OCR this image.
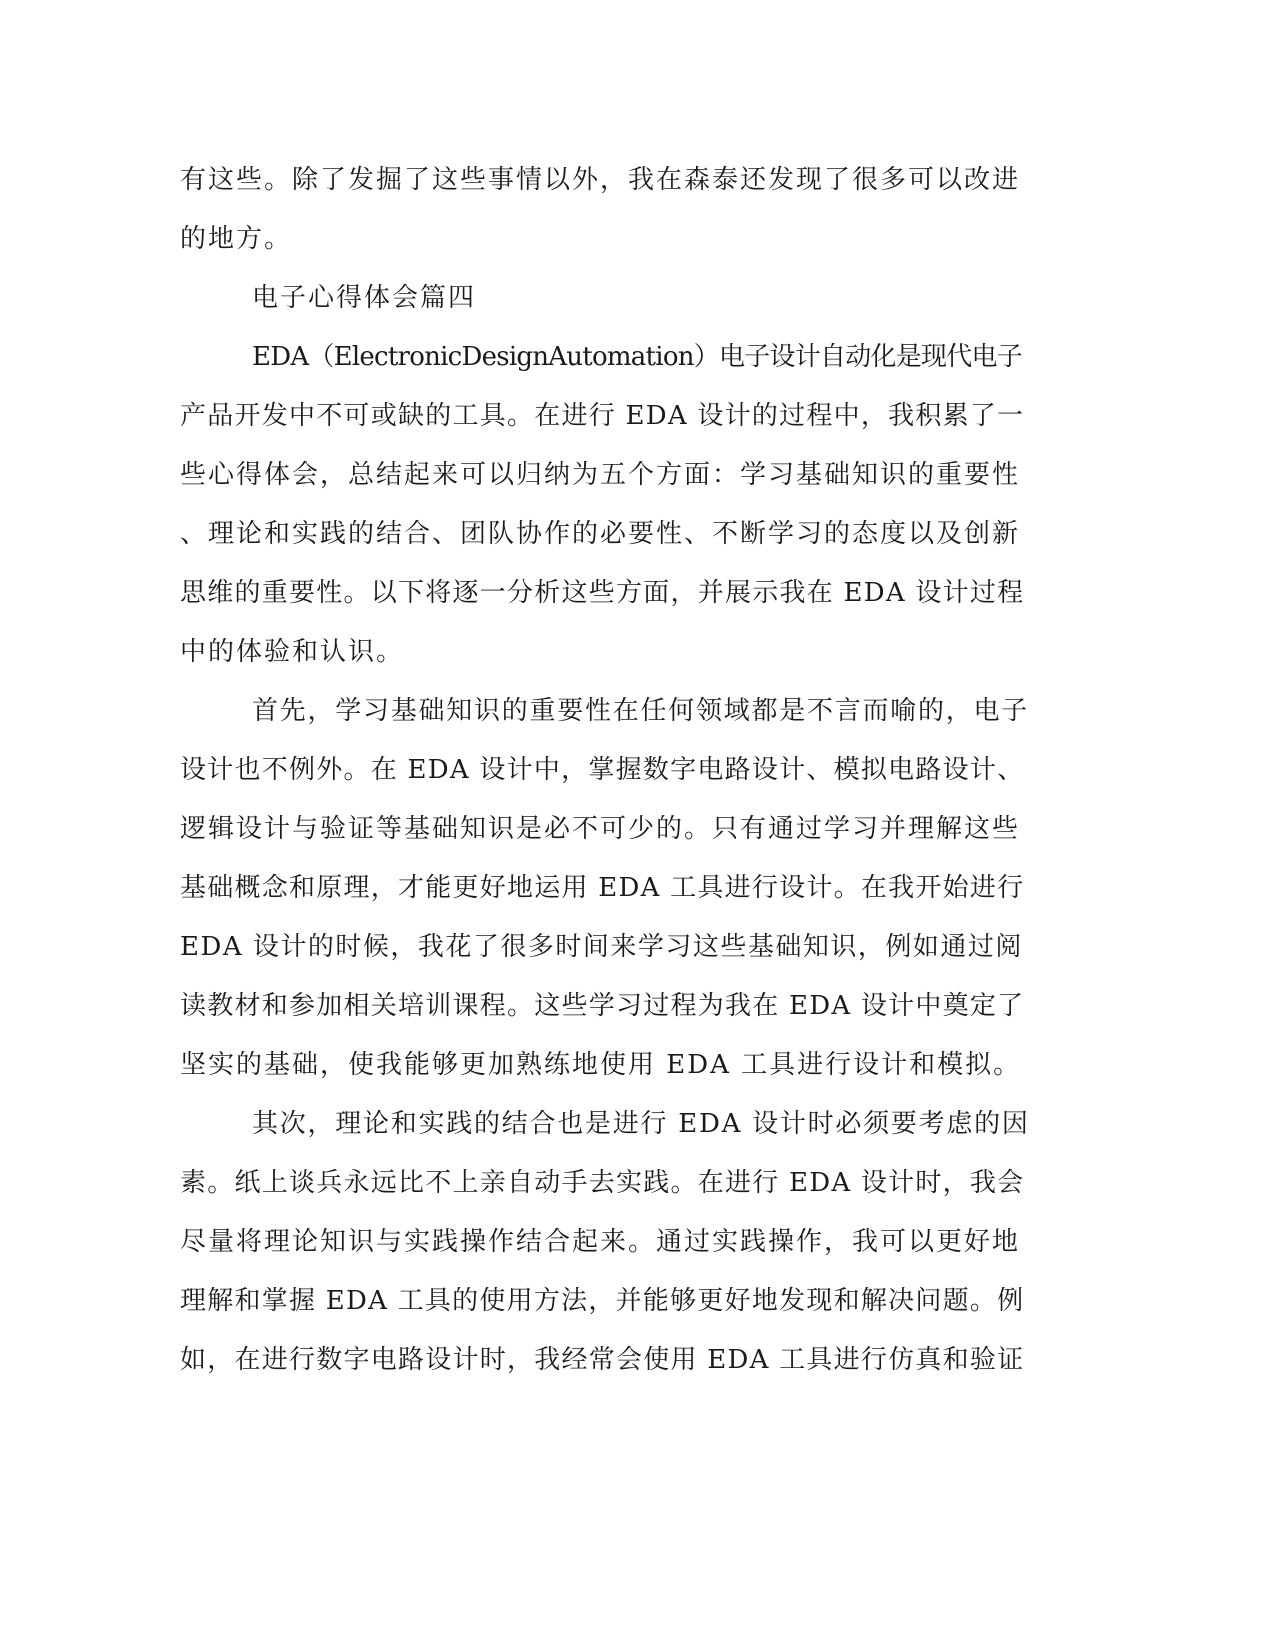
有这些。除了发掘了这些事情以外，我在森泰还发现了很多可以改进
的地方。
电子心得体会篇四
EDA（ElectronicDesignAutomation）电子设计自动化是现代电子
产品开发中不可或缺的工具。在进行 EDA 设计的过程中，我积累了一
些心得体会，总结起来可以归纳为五个方面：学习基础知识的重要性
、理论和实践的结合、团队协作的必要性、不断学习的态度以及创新
思维的重要性。以下将逐一分析这些方面，并展示我在 EDA 设计过程
中的体验和认识。
首先，学习基础知识的重要性在任何领域都是不言而喻的，电子
设计也不例外。在 EDA 设计中，掌握数字电路设计、模拟电路设计、
逻辑设计与验证等基础知识是必不可少的。只有通过学习并理解这些
基础概念和原理，才能更好地运用 EDA 工具进行设计。在我开始进行
EDA 设计的时候，我花了很多时间来学习这些基础知识，例如通过阅
读教材和参加相关培训课程。这些学习过程为我在 EDA 设计中奠定了
坚实的基础，使我能够更加熟练地使用 EDA 工具进行设计和模拟。
其次，理论和实践的结合也是进行 EDA 设计时必须要考虑的因
素。纸上谈兵永远比不上亲自动手去实践。在进行 EDA 设计时，我会
尽量将理论知识与实践操作结合起来。通过实践操作，我可以更好地
理解和掌握 EDA 工具的使用方法，并能够更好地发现和解决问题。例
如，在进行数字电路设计时，我经常会使用 EDA 工具进行仿真和验证
